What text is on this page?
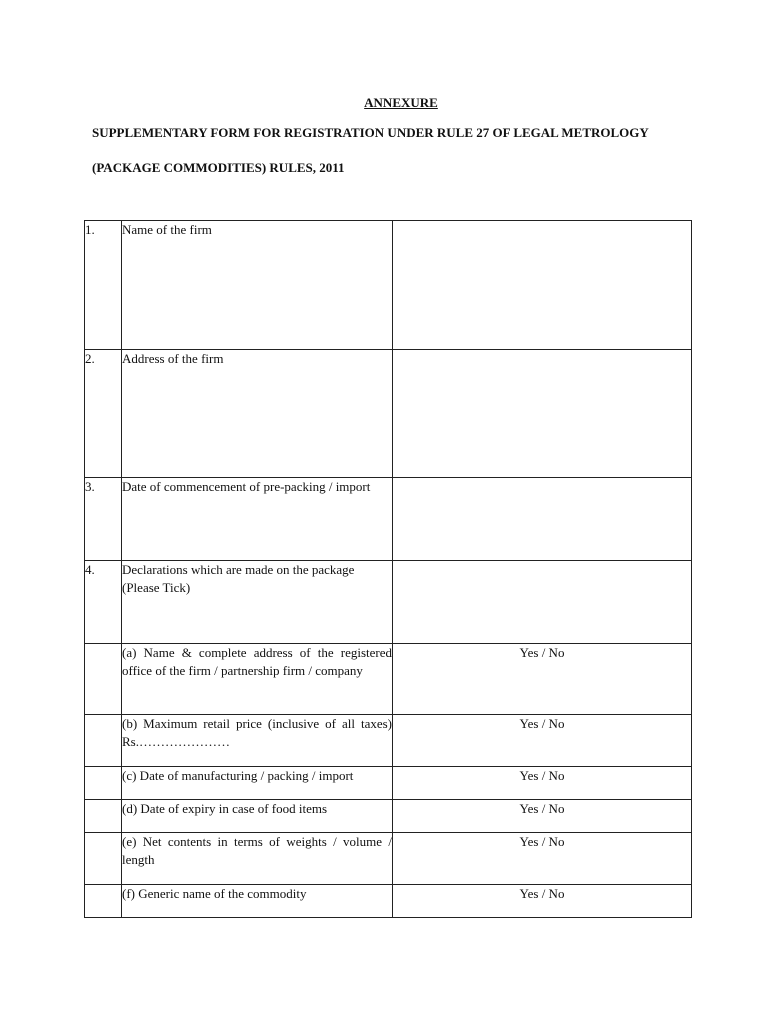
ANNEXURE
SUPPLEMENTARY FORM FOR REGISTRATION UNDER RULE 27 OF LEGAL METROLOGY
(PACKAGE COMMODITIES) RULES, 2011
1.	Name of the firm	
2.	Address of the firm	
3.	Date of commencement of pre-packing / import	
4.	Declarations which are made on the package (Please Tick)	
	(a) Name & complete address of the registered office of the firm / partnership firm / company	Yes / No
	(b) Maximum retail price (inclusive of all taxes) Rs.…………………	Yes / No
	(c) Date of manufacturing / packing / import	Yes / No
	(d) Date of expiry in case of food items	Yes / No
	(e) Net contents in terms of weights / volume / length	Yes / No
	(f) Generic name of the commodity	Yes / No
